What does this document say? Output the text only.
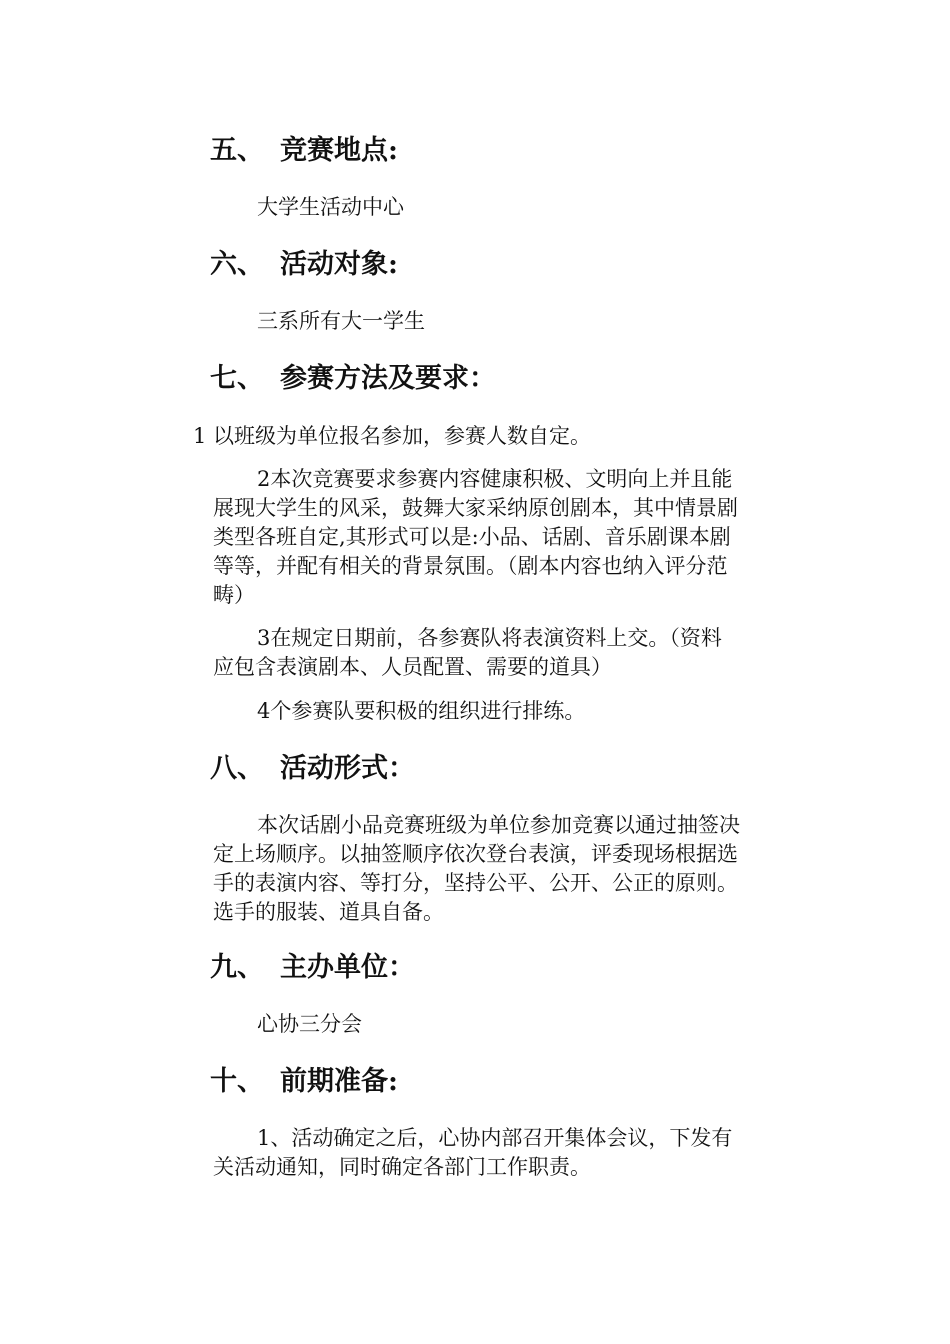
五、 竞赛地点:

大学生活动中心

六、 活动对象:

三系所有大一学生

七、 参赛方法及要求：

1 以班级为单位报名参加，参赛人数自定。

2本次竞赛要求参赛内容健康积极、文明向上并且能展现大学生的风采，鼓舞大家采纳原创剧本，其中情景剧类型各班自定,其形式可以是:小品、话剧、音乐剧课本剧等等，并配有相关的背景氛围。（剧本内容也纳入评分范畴）

3在规定日期前，各参赛队将表演资料上交。（资料应包含表演剧本、人员配置、需要的道具）

4个参赛队要积极的组织进行排练。

八、 活动形式：

本次话剧小品竞赛班级为单位参加竞赛以通过抽签决定上场顺序。以抽签顺序依次登台表演，评委现场根据选手的表演内容、等打分，坚持公平、公开、公正的原则。选手的服装、道具自备。

九、 主办单位：

心协三分会

十、 前期准备:

1、活动确定之后，心协内部召开集体会议，下发有关活动通知，同时确定各部门工作职责。
